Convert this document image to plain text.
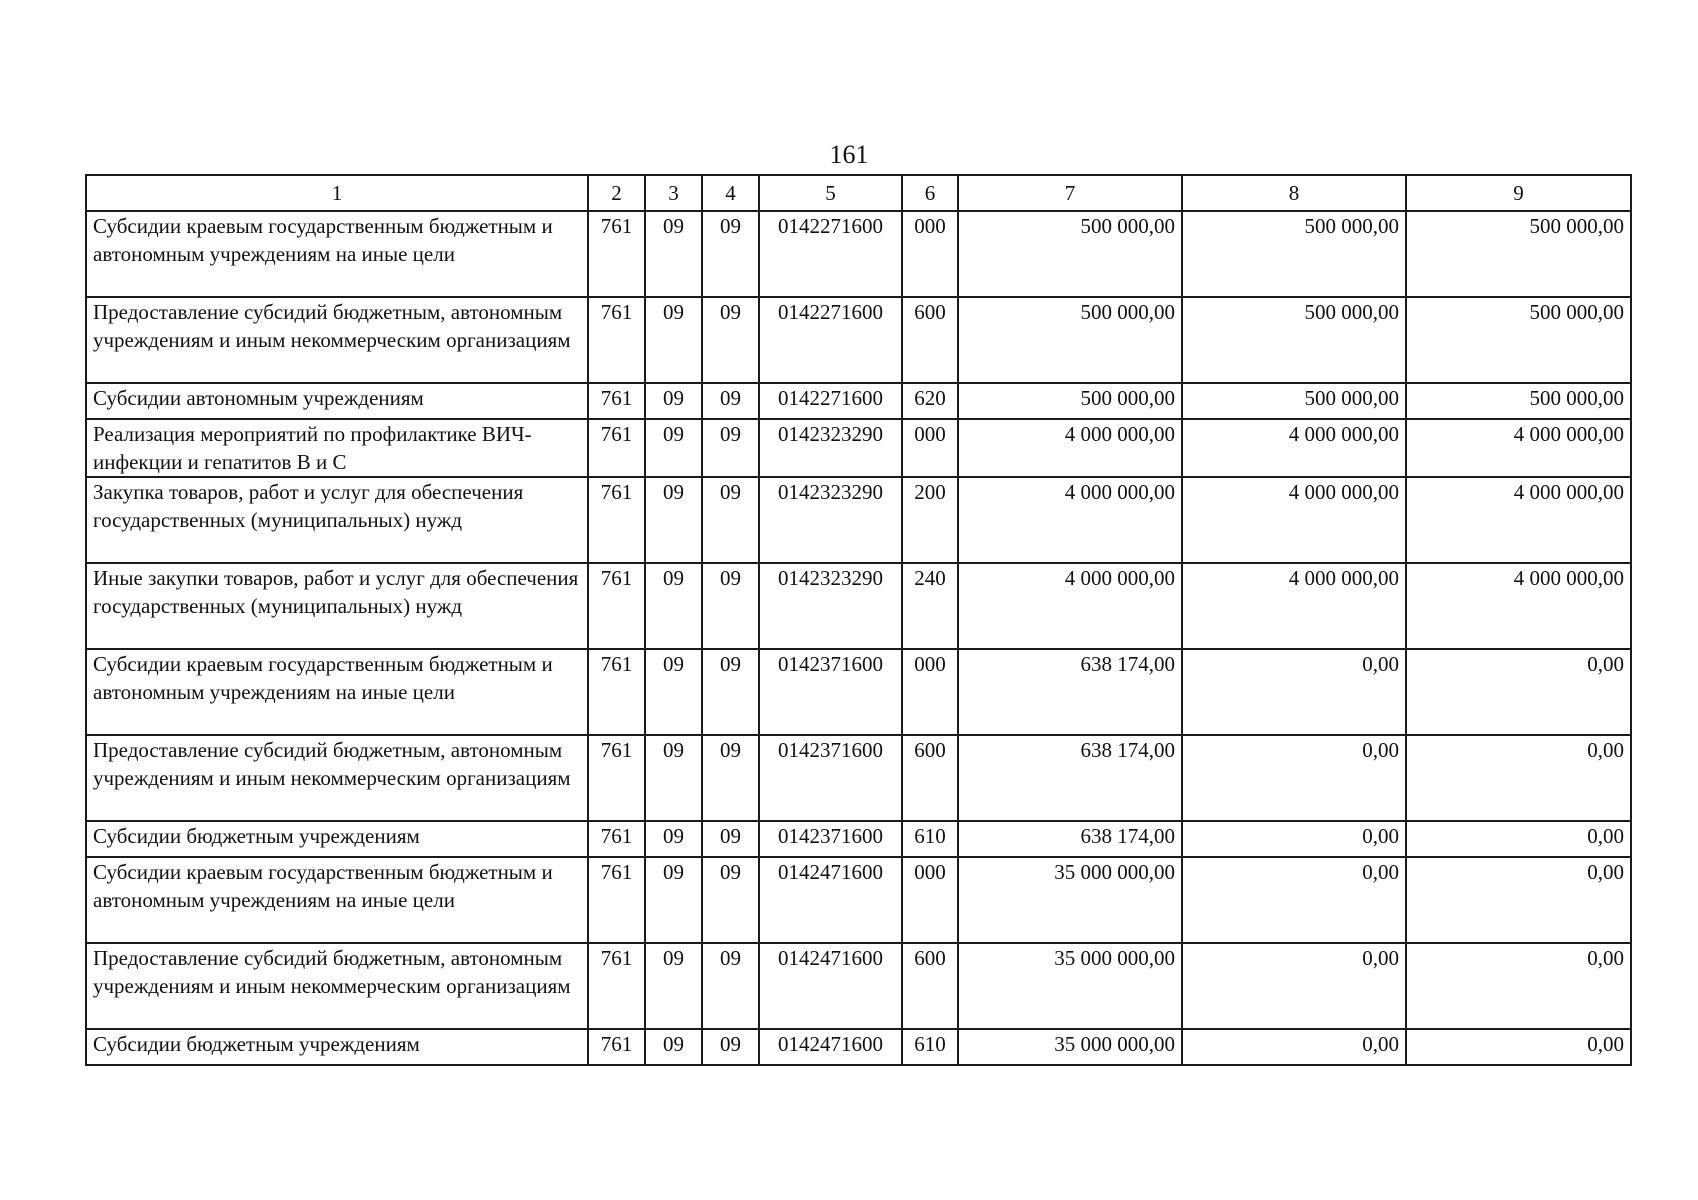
161
1	2	3	4	5	6	7	8	9
Субсидии краевым государственным бюджетным и автономным учреждениям на иные цели	761	09	09	0142271600	000	500 000,00	500 000,00	500 000,00
Предоставление субсидий бюджетным, автономным учреждениям и иным некоммерческим организациям	761	09	09	0142271600	600	500 000,00	500 000,00	500 000,00
Субсидии автономным учреждениям	761	09	09	0142271600	620	500 000,00	500 000,00	500 000,00
Реализация мероприятий по профилактике ВИЧ-инфекции и гепатитов B и C	761	09	09	0142323290	000	4 000 000,00	4 000 000,00	4 000 000,00
Закупка товаров, работ и услуг для обеспечения государственных (муниципальных) нужд	761	09	09	0142323290	200	4 000 000,00	4 000 000,00	4 000 000,00
Иные закупки товаров, работ и услуг для обеспечения государственных (муниципальных) нужд	761	09	09	0142323290	240	4 000 000,00	4 000 000,00	4 000 000,00
Субсидии краевым государственным бюджетным и автономным учреждениям на иные цели	761	09	09	0142371600	000	638 174,00	0,00	0,00
Предоставление субсидий бюджетным, автономным учреждениям и иным некоммерческим организациям	761	09	09	0142371600	600	638 174,00	0,00	0,00
Субсидии бюджетным учреждениям	761	09	09	0142371600	610	638 174,00	0,00	0,00
Субсидии краевым государственным бюджетным и автономным учреждениям на иные цели	761	09	09	0142471600	000	35 000 000,00	0,00	0,00
Предоставление субсидий бюджетным, автономным учреждениям и иным некоммерческим организациям	761	09	09	0142471600	600	35 000 000,00	0,00	0,00
Субсидии бюджетным учреждениям	761	09	09	0142471600	610	35 000 000,00	0,00	0,00
